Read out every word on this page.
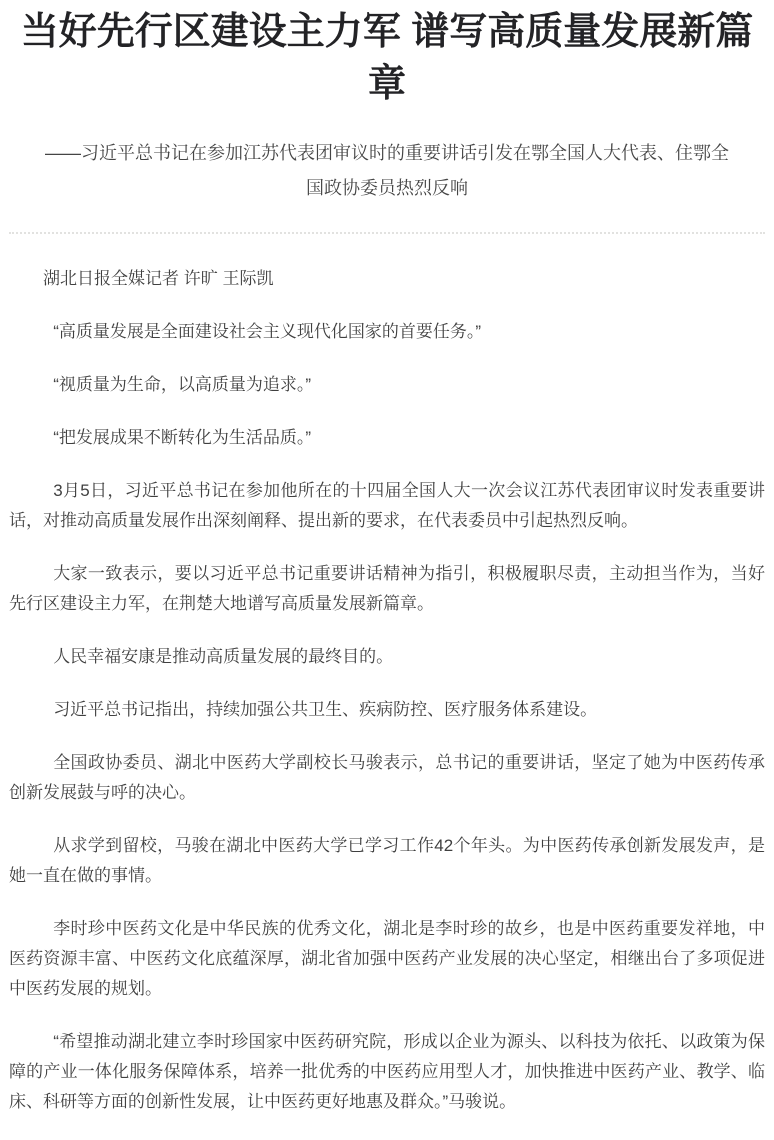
当好先行区建设主力军 谱写高质量发展新篇章

——习近平总书记在参加江苏代表团审议时的重要讲话引发在鄂全国人大代表、住鄂全国政协委员热烈反响

湖北日报全媒记者 许旷 王际凯

“高质量发展是全面建设社会主义现代化国家的首要任务。”

“视质量为生命，以高质量为追求。”

“把发展成果不断转化为生活品质。”

3月5日，习近平总书记在参加他所在的十四届全国人大一次会议江苏代表团审议时发表重要讲话，对推动高质量发展作出深刻阐释、提出新的要求，在代表委员中引起热烈反响。

大家一致表示，要以习近平总书记重要讲话精神为指引，积极履职尽责，主动担当作为，当好先行区建设主力军，在荆楚大地谱写高质量发展新篇章。

人民幸福安康是推动高质量发展的最终目的。

习近平总书记指出，持续加强公共卫生、疾病防控、医疗服务体系建设。

全国政协委员、湖北中医药大学副校长马骏表示，总书记的重要讲话，坚定了她为中医药传承创新发展鼓与呼的决心。

从求学到留校，马骏在湖北中医药大学已学习工作42个年头。为中医药传承创新发展发声，是她一直在做的事情。

李时珍中医药文化是中华民族的优秀文化，湖北是李时珍的故乡，也是中医药重要发祥地，中医药资源丰富、中医药文化底蕴深厚，湖北省加强中医药产业发展的决心坚定，相继出台了多项促进中医药发展的规划。

“希望推动湖北建立李时珍国家中医药研究院，形成以企业为源头、以科技为依托、以政策为保障的产业一体化服务保障体系，培养一批优秀的中医药应用型人才，加快推进中医药产业、教学、临床、科研等方面的创新性发展，让中医药更好地惠及群众。”马骏说。
